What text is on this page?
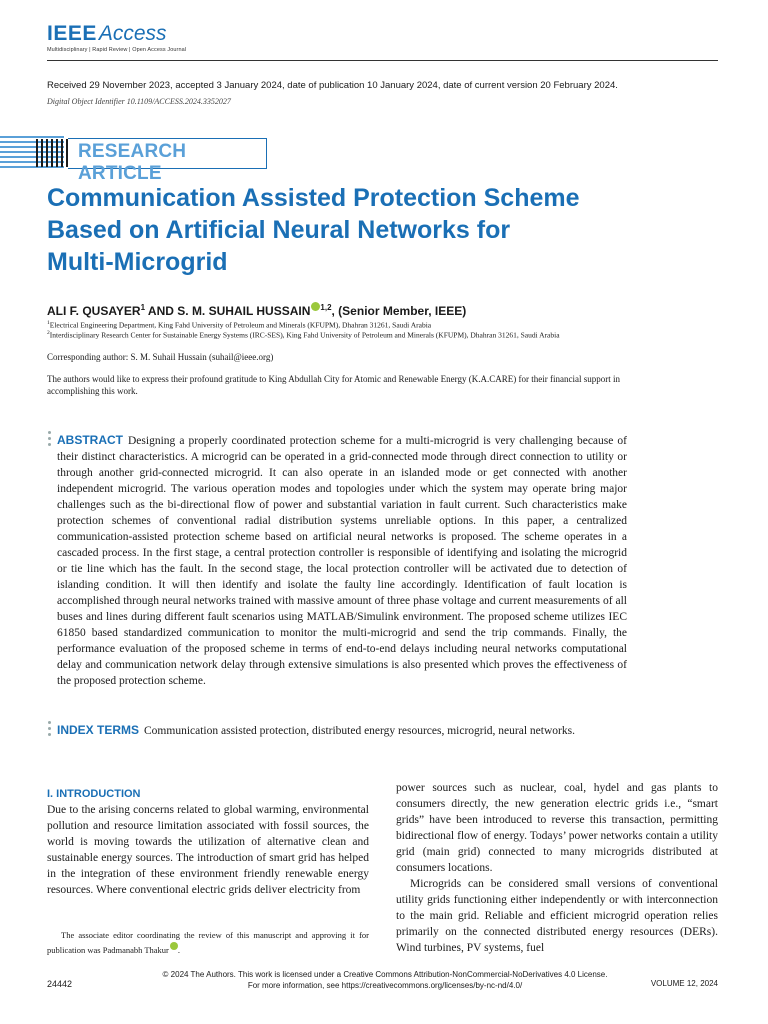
IEEEAccess
Multidisciplinary | Rapid Review | Open Access Journal
Received 29 November 2023, accepted 3 January 2024, date of publication 10 January 2024, date of current version 20 February 2024.
Digital Object Identifier 10.1109/ACCESS.2024.3352027
RESEARCH ARTICLE
Communication Assisted Protection Scheme
Based on Artificial Neural Networks for
Multi-Microgrid
ALI F. QUSAYER$^1$ AND S. M. SUHAIL HUSSAIN $^{1,2}$, (Senior Member, IEEE)
$^1$Electrical Engineering Department, King Fahd University of Petroleum and Minerals (KFUPM), Dhahran 31261, Saudi Arabia
$^2$Interdisciplinary Research Center for Sustainable Energy Systems (IRC-SES), King Fahd University of Petroleum and Minerals (KFUPM), Dhahran 31261, Saudi Arabia
Corresponding author: S. M. Suhail Hussain (suhail@ieee.org)
The authors would like to express their profound gratitude to King Abdullah City for Atomic and Renewable Energy (K.A.CARE) for their financial support in accomplishing this work.
ABSTRACT Designing a properly coordinated protection scheme for a multi-microgrid is very challenging because of their distinct characteristics. A microgrid can be operated in a grid-connected mode through direct connection to utility or through another grid-connected microgrid. It can also operate in an islanded mode or get connected with another independent microgrid. The various operation modes and topologies under which the system may operate bring major challenges such as the bi-directional flow of power and substantial variation in fault current. Such characteristics make protection schemes of conventional radial distribution systems unreliable options. In this paper, a centralized communication-assisted protection scheme based on artificial neural networks is proposed. The scheme operates in a cascaded process. In the first stage, a central protection controller is responsible of identifying and isolating the microgrid or tie line which has the fault. In the second stage, the local protection controller will be activated due to detection of islanding condition. It will then identify and isolate the faulty line accordingly. Identification of fault location is accomplished through neural networks trained with massive amount of three phase voltage and current measurements of all buses and lines during different fault scenarios using MATLAB/Simulink environment. The proposed scheme utilizes IEC 61850 based standardized communication to monitor the multi-microgrid and send the trip commands. Finally, the performance evaluation of the proposed scheme in terms of end-to-end delays including neural networks computational delay and communication network delay through extensive simulations is also presented which proves the effectiveness of the proposed protection scheme.
INDEX TERMS Communication assisted protection, distributed energy resources, microgrid, neural networks.
I. INTRODUCTION

Due to the arising concerns related to global warming, environmental pollution and resource limitation associated with fossil sources, the world is moving towards the utilization of alternative clean and sustainable energy sources. The introduction of smart grid has helped in the integration of these environment friendly renewable energy resources. Where conventional electric grids deliver electricity from

power sources such as nuclear, coal, hydel and gas plants to consumers directly, the new generation electric grids i.e., “smart grids” have been introduced to reverse this transaction, permitting bidirectional flow of energy. Todays’ power networks contain a utility grid (main grid) connected to many microgrids distributed at consumers locations.

Microgrids can be considered small versions of conventional utility grids functioning either independently or with interconnection to the main grid. Reliable and efficient microgrid operation relies primarily on the connected distributed energy resources (DERs). Wind turbines, PV systems, fuel

The associate editor coordinating the review of this manuscript and approving it for publication was Padmanabh Thakur .
24442
© 2024 The Authors. This work is licensed under a Creative Commons Attribution-NonCommercial-NoDerivatives 4.0 License.
For more information, see https://creativecommons.org/licenses/by-nc-nd/4.0/	VOLUME 12, 2024
